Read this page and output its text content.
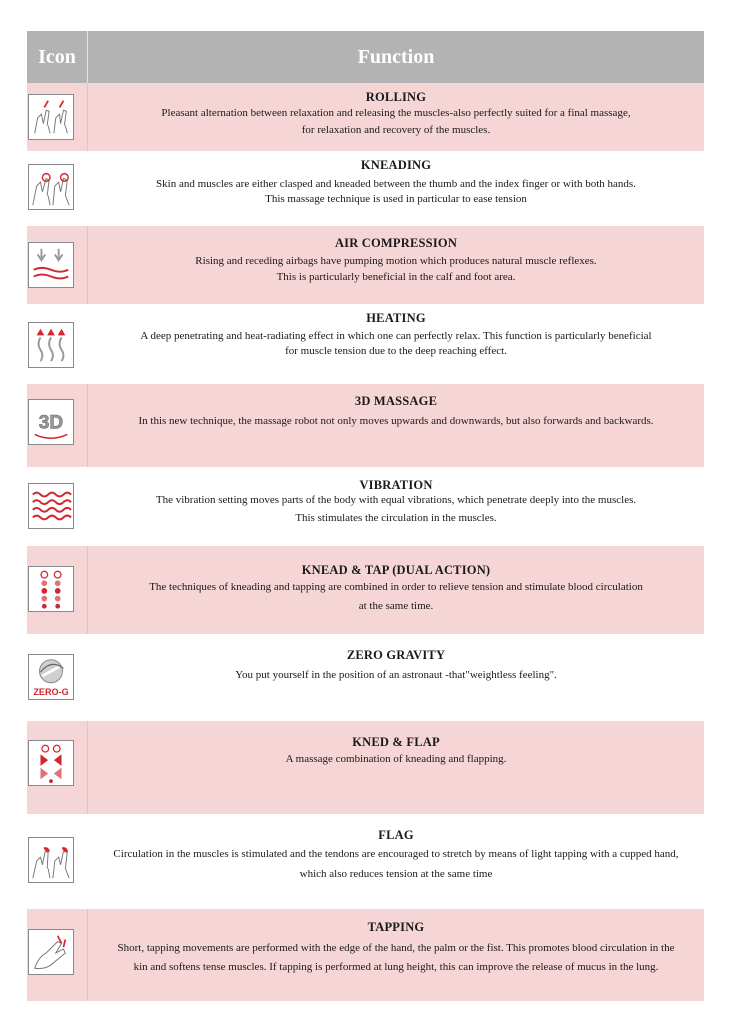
Icon	Function
ROLLING
Pleasant alternation between relaxation and releasing the muscles-also perfectly suited for a final massage,
for relaxation and recovery of the muscles.
KNEADING
Skin and muscles are either clasped and kneaded between the thumb and the index finger or with both hands.
This massage technique is used in particular to ease tension
AIR COMPRESSION
Rising and receding airbags have pumping motion which produces natural muscle reflexes.
This is particularly beneficial in the calf and foot area.
HEATING
A deep penetrating and heat-radiating effect in which one can perfectly relax. This function is particularly beneficial
for muscle tension due to the deep reaching effect.
3D
3D MASSAGE
In this new technique, the massage robot not only moves upwards and downwards, but also forwards and backwards.
VIBRATION
The vibration setting moves parts of the body with equal vibrations, which penetrate deeply into the muscles.
This stimulates the circulation in the muscles.
KNEAD & TAP (DUAL ACTION)
The techniques of kneading and tapping are combined in order to relieve tension and stimulate blood circulation
at the same time.
ZERO-G
ZERO GRAVITY
You put yourself in the position of an astronaut -that"weightless feeling".
KNED & FLAP
A massage combination of kneading and flapping.
FLAG
Circulation in the muscles is stimulated and the tendons are encouraged to stretch by means of light tapping with a cupped hand,
which also reduces tension at the same time
TAPPING
Short, tapping movements are performed with the edge of the hand, the palm or the fist. This promotes blood circulation in the
kin and softens tense muscles. If tapping is performed at lung height, this can improve the release of mucus in the lung.
